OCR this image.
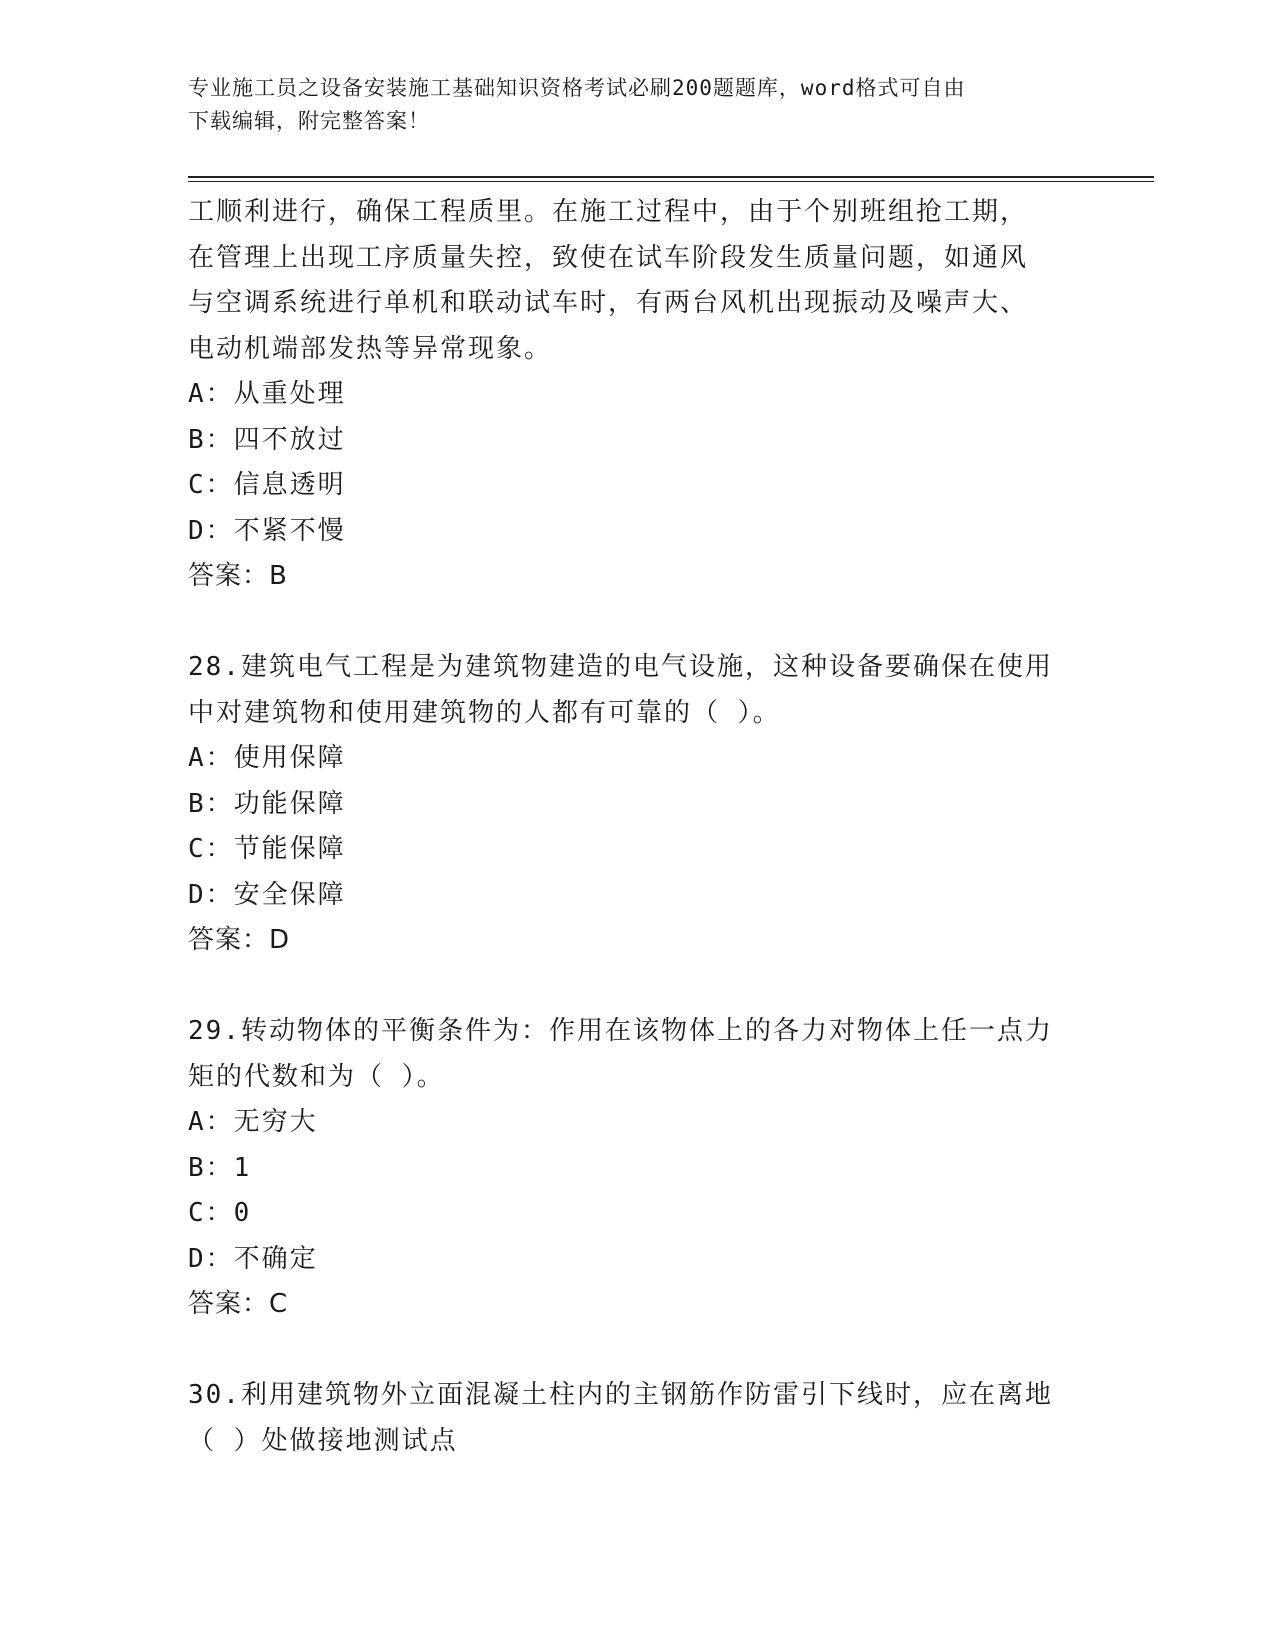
专业施工员之设备安装施工基础知识资格考试必刷200题题库，word格式可自由
下载编辑，附完整答案！
工顺利进行，确保工程质里。在施工过程中，由于个别班组抢工期，
在管理上出现工序质量失控，致使在试车阶段发生质量问题，如通风
与空调系统进行单机和联动试车时，有两台风机出现振动及噪声大、
电动机端部发热等异常现象。
A：从重处理
B：四不放过
C：信息透明
D：不紧不慢
答案：B
28.建筑电气工程是为建筑物建造的电气设施，这种设备要确保在使用
中对建筑物和使用建筑物的人都有可靠的（ ）。
A：使用保障
B：功能保障
C：节能保障
D：安全保障
答案：D
29.转动物体的平衡条件为：作用在该物体上的各力对物体上任一点力
矩的代数和为（ ）。
A：无穷大
B：1
C：0
D：不确定
答案：C
30.利用建筑物外立面混凝土柱内的主钢筋作防雷引下线时，应在离地
（ ）处做接地测试点
